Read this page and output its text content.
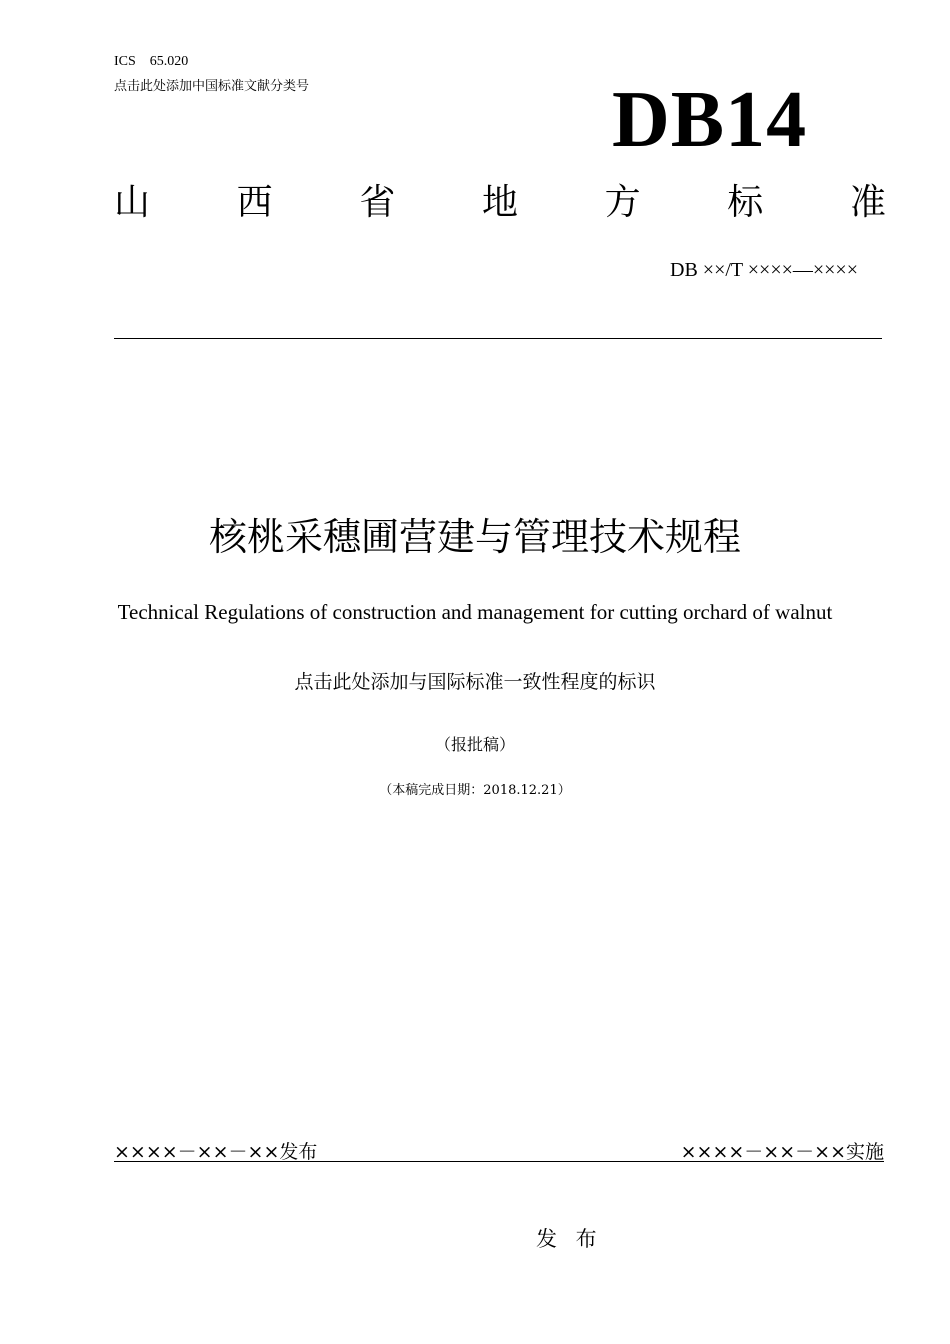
ICS　65.020
点击此处添加中国标准文献分类号	DB14
山 西 省 地 方 标 准
DB ××/T ××××—××××
核桃采穗圃营建与管理技术规程
Technical Regulations of construction and management for cutting orchard of walnut
点击此处添加与国际标准一致性程度的标识
（报批稿）
（本稿完成日期：2018.12.21）
××××－××－××发布	××××－××－××实施
发 布
